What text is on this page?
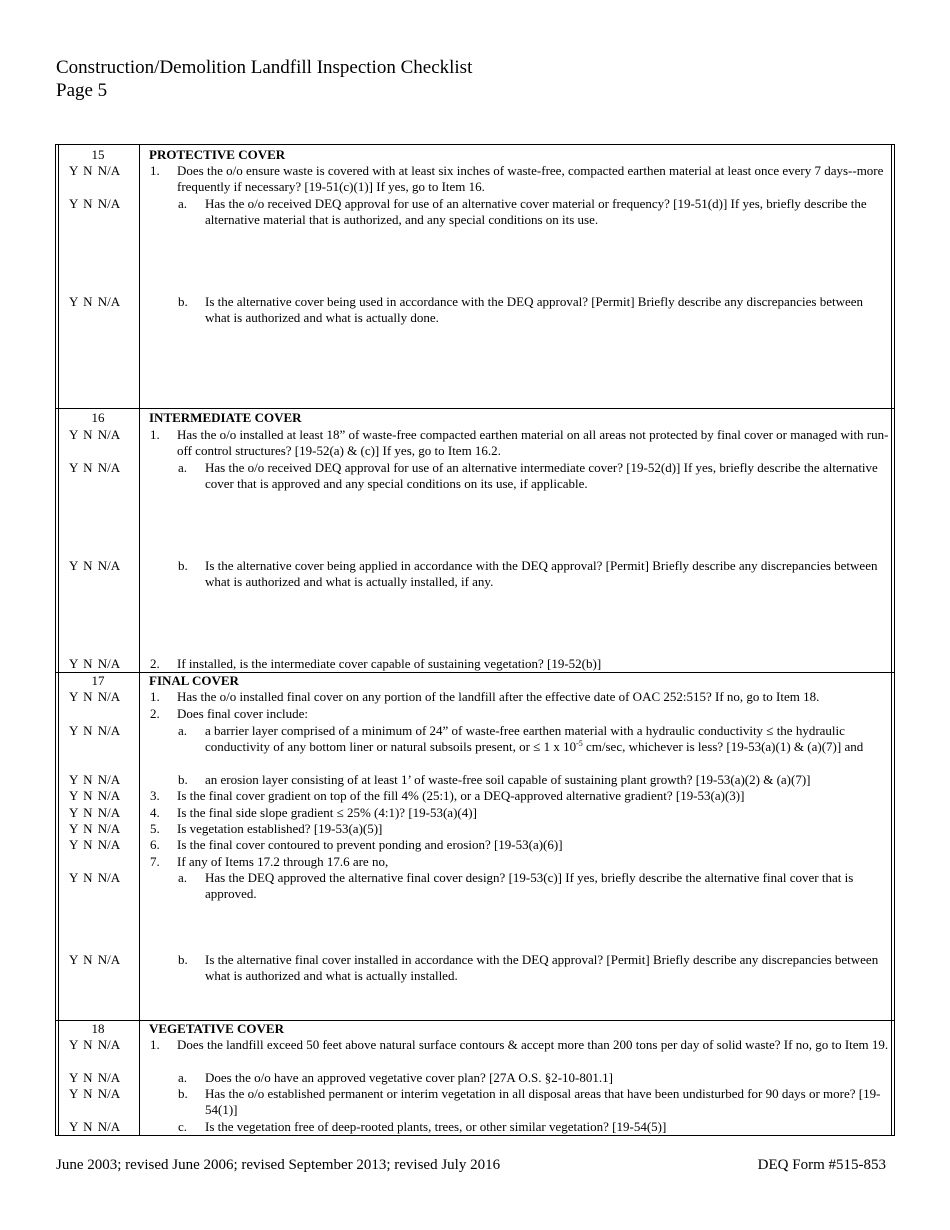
Construction/Demolition Landfill Inspection Checklist
Page 5
15	PROTECTIVE COVER
Y N N/A 1. Does the o/o ensure waste is covered with at least six inches of waste-free, compacted earthen material at least once every 7 days--more frequently if necessary? [19-51(c)(1)] If yes, go to Item 16.
Y N N/A	a. Has the o/o received DEQ approval for use of an alternative cover material or frequency? [19-51(d)] If yes, briefly describe the alternative material that is authorized, and any special conditions on its use.
Y N N/A	b. Is the alternative cover being used in accordance with the DEQ approval? [Permit] Briefly describe any discrepancies between what is authorized and what is actually done.
16	INTERMEDIATE COVER
Y N N/A 1. Has the o/o installed at least 18” of waste-free compacted earthen material on all areas not protected by final cover or managed with run-off control structures? [19-52(a) & (c)] If yes, go to Item 16.2.
Y N N/A	a. Has the o/o received DEQ approval for use of an alternative intermediate cover? [19-52(d)] If yes, briefly describe the alternative cover that is approved and any special conditions on its use, if applicable.
Y N N/A	b. Is the alternative cover being applied in accordance with the DEQ approval? [Permit] Briefly describe any discrepancies between what is authorized and what is actually installed, if any.
Y N N/A 2. If installed, is the intermediate cover capable of sustaining vegetation? [19-52(b)]
17	FINAL COVER
Y N N/A 1. Has the o/o installed final cover on any portion of the landfill after the effective date of OAC 252:515? If no, go to Item 18.
2. Does final cover include:
Y N N/A	a. a barrier layer comprised of a minimum of 24” of waste-free earthen material with a hydraulic conductivity ≤ the hydraulic conductivity of any bottom liner or natural subsoils present, or ≤ 1 x $10^{-5}$ cm/sec, whichever is less? [19-53(a)(1) & (a)(7)] and
Y N N/A	b. an erosion layer consisting of at least 1’ of waste-free soil capable of sustaining plant growth? [19-53(a)(2) & (a)(7)]
Y N N/A 3. Is the final cover gradient on top of the fill 4% (25:1), or a DEQ-approved alternative gradient? [19-53(a)(3)]
Y N N/A 4. Is the final side slope gradient ≤ 25% (4:1)? [19-53(a)(4)]
Y N N/A 5. Is vegetation established? [19-53(a)(5)]
Y N N/A 6. Is the final cover contoured to prevent ponding and erosion? [19-53(a)(6)]
7. If any of Items 17.2 through 17.6 are no,
Y N N/A	a. Has the DEQ approved the alternative final cover design? [19-53(c)] If yes, briefly describe the alternative final cover that is approved.
Y N N/A	b. Is the alternative final cover installed in accordance with the DEQ approval? [Permit] Briefly describe any discrepancies between what is authorized and what is actually installed.
18	VEGETATIVE COVER
Y N N/A 1. Does the landfill exceed 50 feet above natural surface contours & accept more than 200 tons per day of solid waste? If no, go to Item 19.
Y N N/A	a. Does the o/o have an approved vegetative cover plan? [27A O.S. §2-10-801.1]
Y N N/A	b. Has the o/o established permanent or interim vegetation in all disposal areas that have been undisturbed for 90 days or more? [19-54(1)]
Y N N/A	c. Is the vegetation free of deep-rooted plants, trees, or other similar vegetation? [19-54(5)]
June 2003; revised June 2006; revised September 2013; revised July 2016	DEQ Form #515-853
